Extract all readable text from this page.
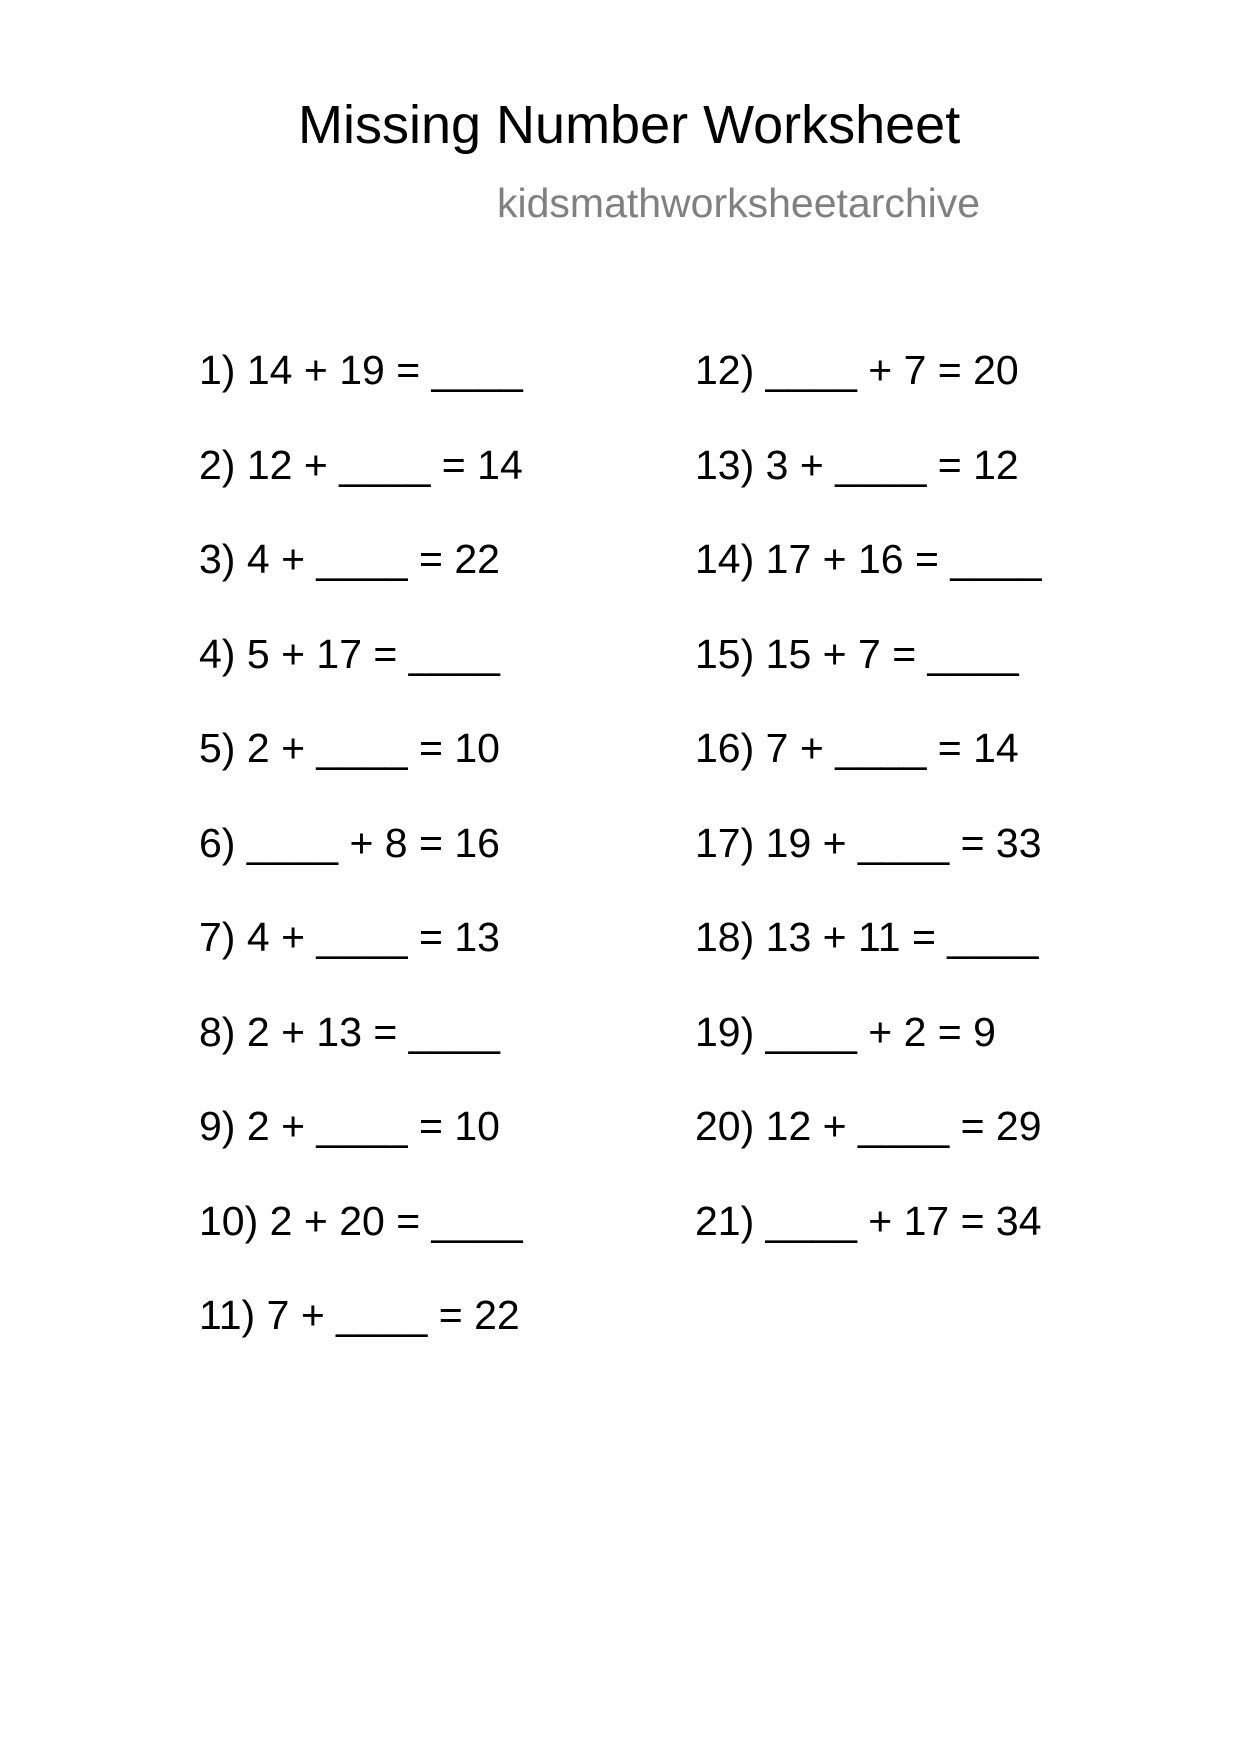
Missing Number Worksheet
kidsmathworksheetarchive
1)
14 + 19 = ____
2)
12 + ____ = 14
3)
4 + ____ = 22
4)
5 + 17 = ____
5)
2 + ____ = 10
6)
____ + 8 = 16
7)
4 + ____ = 13
8)
2 + 13 = ____
9)
2 + ____ = 10
10)
2 + 20 = ____
11)
7 + ____ = 22
12)
____ + 7 = 20
13)
3 + ____ = 12
14)
17 + 16 = ____
15)
15 + 7 = ____
16)
7 + ____ = 14
17)
19 + ____ = 33
18)
13 + 11 = ____
19)
____ + 2 = 9
20)
12 + ____ = 29
21)
____ + 17 = 34
